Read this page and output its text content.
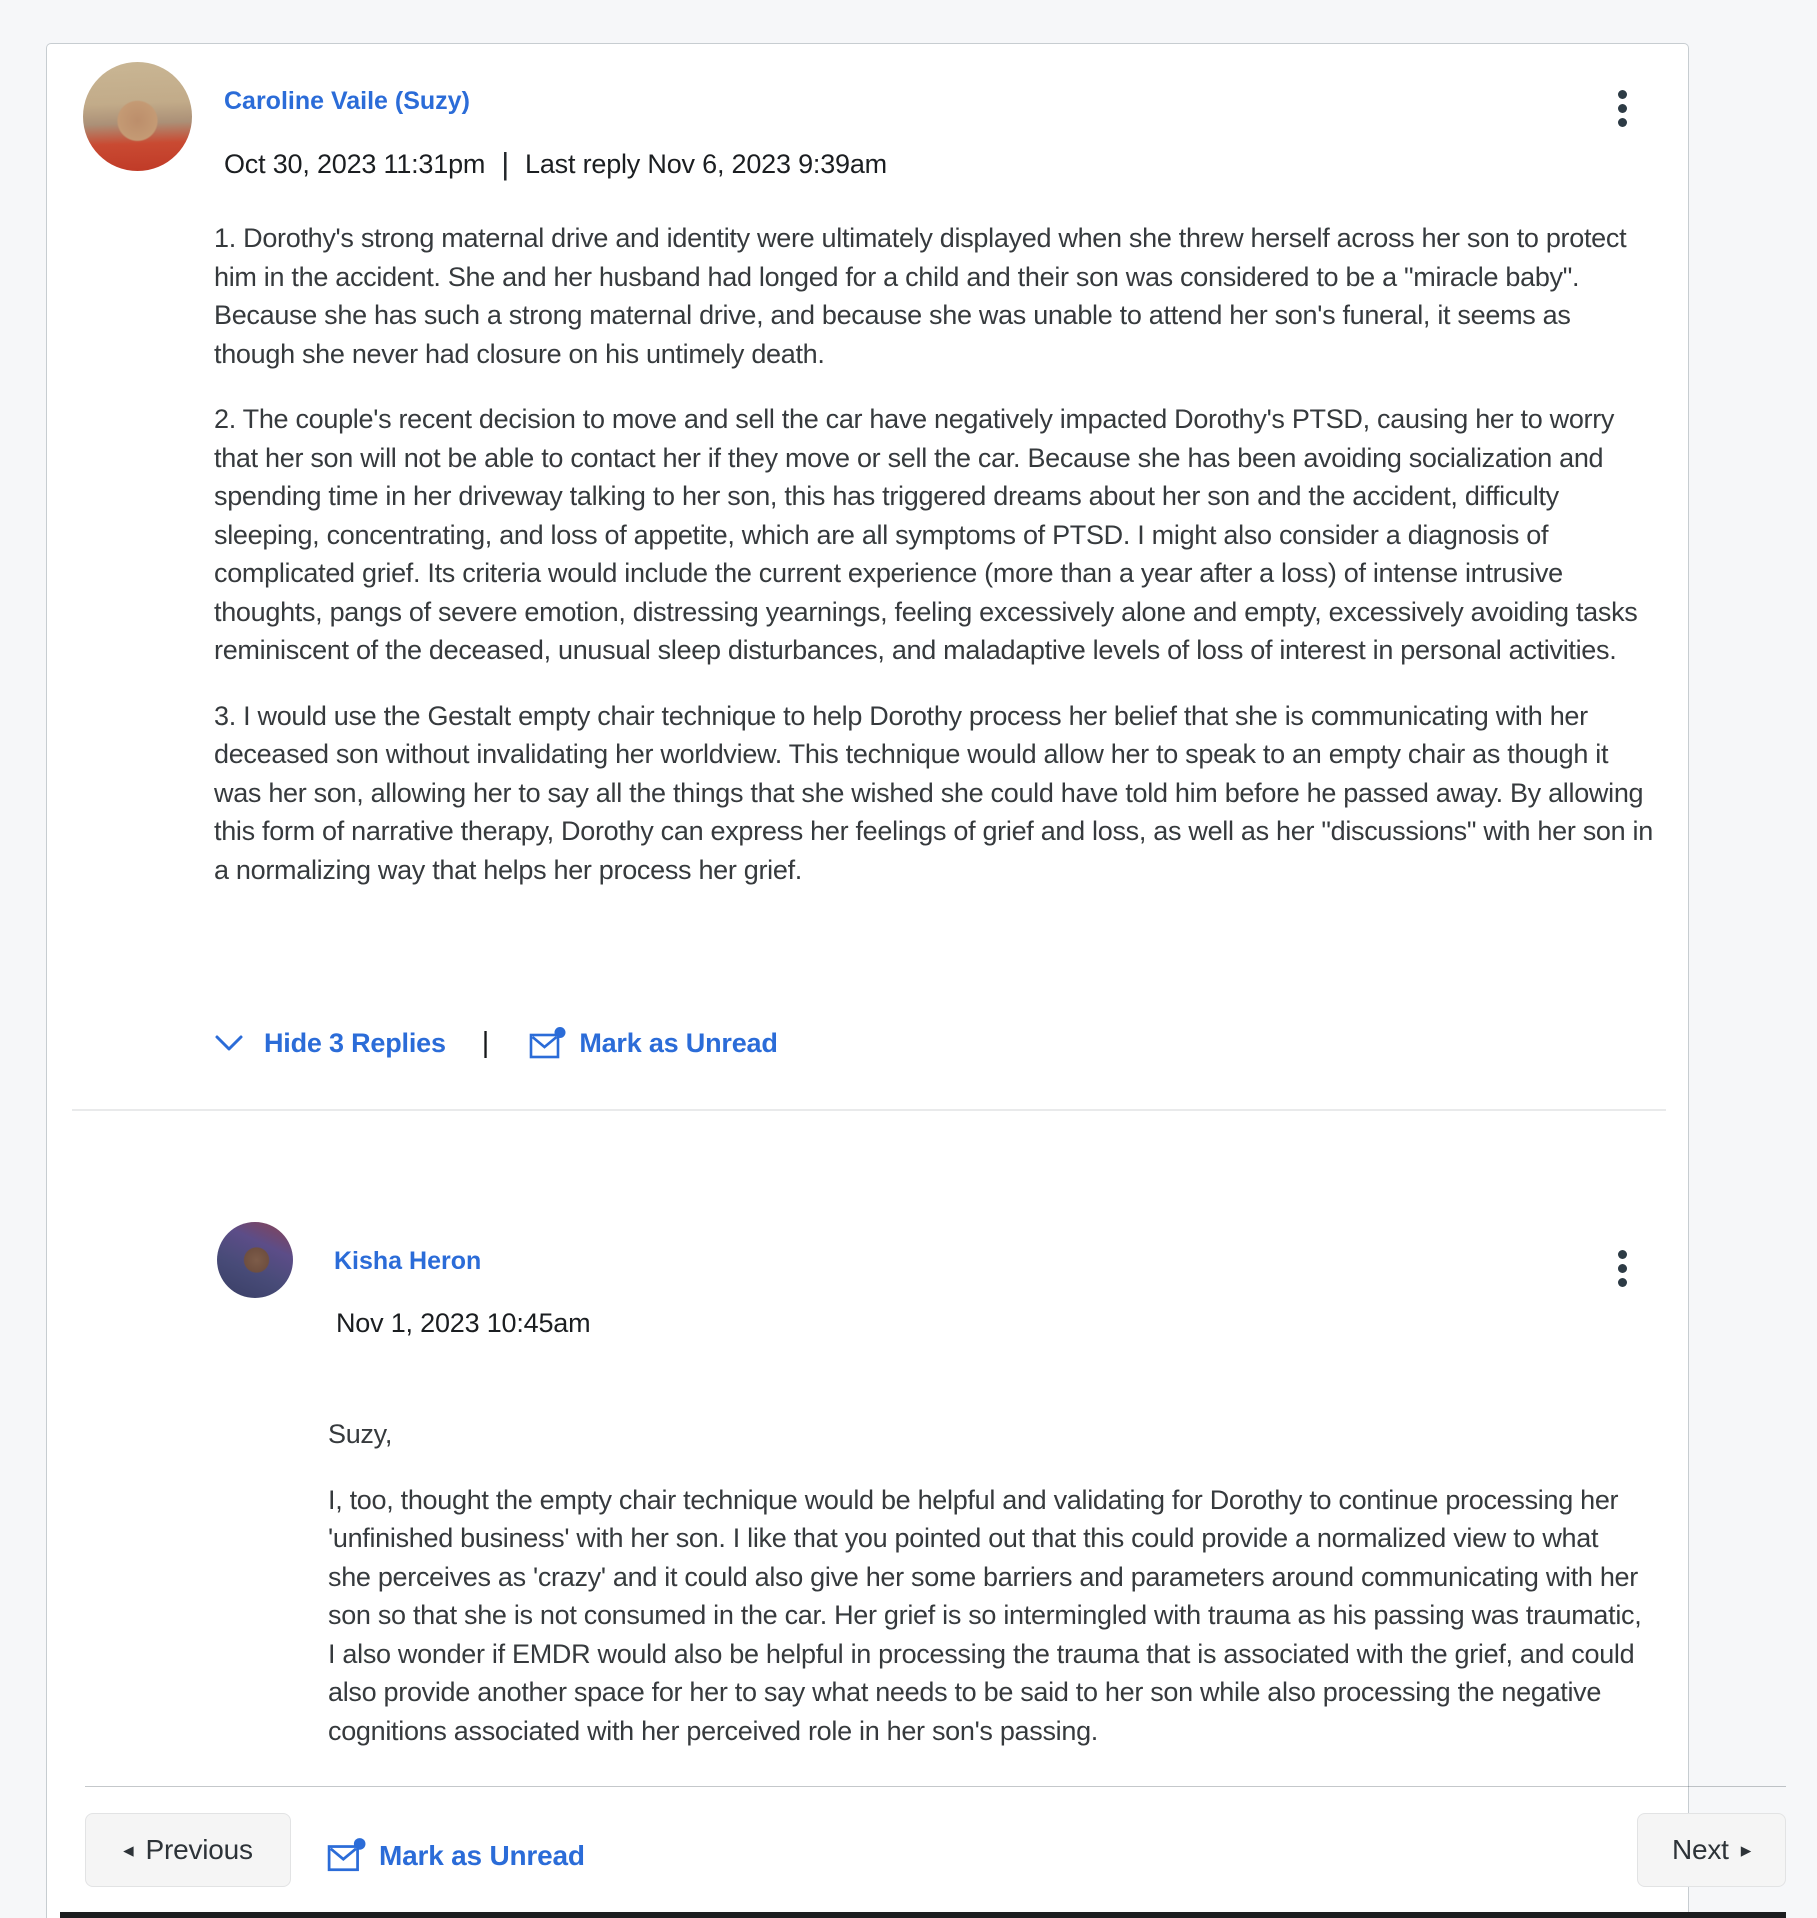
Caroline Vaile (Suzy)
Oct 30, 2023 11:31pm | Last reply Nov 6, 2023 9:39am

1. Dorothy's strong maternal drive and identity were ultimately displayed when she threw herself across her son to protect him in the accident. She and her husband had longed for a child and their son was considered to be a "miracle baby". Because she has such a strong maternal drive, and because she was unable to attend her son's funeral, it seems as though she never had closure on his untimely death.

2. The couple's recent decision to move and sell the car have negatively impacted Dorothy's PTSD, causing her to worry that her son will not be able to contact her if they move or sell the car. Because she has been avoiding socialization and spending time in her driveway talking to her son, this has triggered dreams about her son and the accident, difficulty sleeping, concentrating, and loss of appetite, which are all symptoms of PTSD. I might also consider a diagnosis of complicated grief. Its criteria would include the current experience (more than a year after a loss) of intense intrusive thoughts, pangs of severe emotion, distressing yearnings, feeling excessively alone and empty, excessively avoiding tasks reminiscent of the deceased, unusual sleep disturbances, and maladaptive levels of loss of interest in personal activities.

3. I would use the Gestalt empty chair technique to help Dorothy process her belief that she is communicating with her deceased son without invalidating her worldview. This technique would allow her to speak to an empty chair as though it was her son, allowing her to say all the things that she wished she could have told him before he passed away. By allowing this form of narrative therapy, Dorothy can express her feelings of grief and loss, as well as her "discussions" with her son in a normalizing way that helps her process her grief.

Hide 3 Replies |	Mark as Unread
Kisha Heron
Nov 1, 2023 10:45am

Suzy,

I, too, thought the empty chair technique would be helpful and validating for Dorothy to continue processing her 'unfinished business' with her son. I like that you pointed out that this could provide a normalized view to what she perceives as 'crazy' and it could also give her some barriers and parameters around communicating with her son so that she is not consumed in the car. Her grief is so intermingled with trauma as his passing was traumatic, I also wonder if EMDR would also be helpful in processing the trauma that is associated with the grief, and could also provide another space for her to say what needs to be said to her son while also processing the negative cognitions associated with her perceived role in her son's passing.

◂ Previous	Mark as Unread	Next ▸
